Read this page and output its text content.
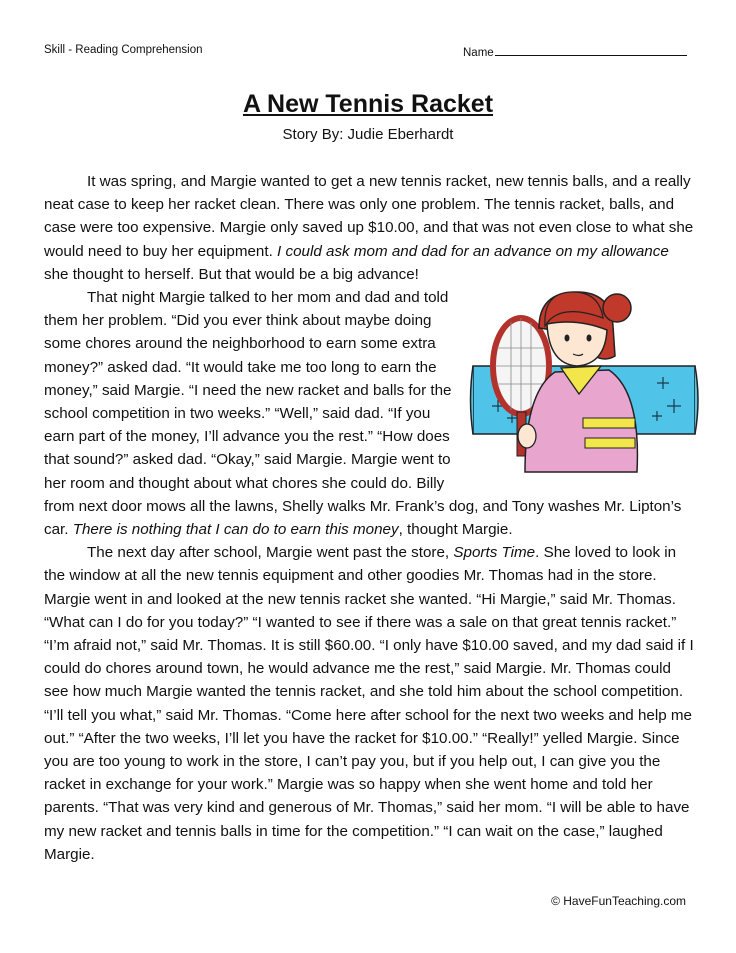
Skill - Reading Comprehension	Name
A New Tennis Racket
Story By: Judie Eberhardt

It was spring, and Margie wanted to get a new tennis racket, new tennis balls, and a really neat case to keep her racket clean. There was only one problem. The tennis racket, balls, and case were too expensive. Margie only saved up $10.00, and that was not even close to what she would need to buy her equipment. I could ask mom and dad for an advance on my allowance she thought to herself. But that would be a big advance!

That night Margie talked to her mom and dad and told them her problem. “Did you ever think about maybe doing some chores around the neighborhood to earn some extra money?” asked dad. “It would take me too long to earn the money,” said Margie. “I need the new racket and balls for the school competition in two weeks.” “Well,” said dad. “If you earn part of the money, I’ll advance you the rest.” “How does that sound?” asked dad. “Okay,” said Margie. Margie went to her room and thought about what chores she could do. Billy from next door mows all the lawns, Shelly walks Mr. Frank’s dog, and Tony washes Mr. Lipton’s car. There is nothing that I can do to earn this money, thought Margie.

The next day after school, Margie went past the store, Sports Time. She loved to look in the window at all the new tennis equipment and other goodies Mr. Thomas had in the store. Margie went in and looked at the new tennis racket she wanted. “Hi Margie,” said Mr. Thomas. “What can I do for you today?” “I wanted to see if there was a sale on that great tennis racket.” “I’m afraid not,” said Mr. Thomas. It is still $60.00. “I only have $10.00 saved, and my dad said if I could do chores around town, he would advance me the rest,” said Margie. Mr. Thomas could see how much Margie wanted the tennis racket, and she told him about the school competition. “I’ll tell you what,” said Mr. Thomas. “Come here after school for the next two weeks and help me out.” “After the two weeks, I’ll let you have the racket for $10.00.” “Really!” yelled Margie. Since you are too young to work in the store, I can’t pay you, but if you help out, I can give you the racket in exchange for your work.” Margie was so happy when she went home and told her parents. “That was very kind and generous of Mr. Thomas,” said her mom. “I will be able to have my new racket and tennis balls in time for the competition.” “I can wait on the case,” laughed Margie.

© HaveFunTeaching.com
